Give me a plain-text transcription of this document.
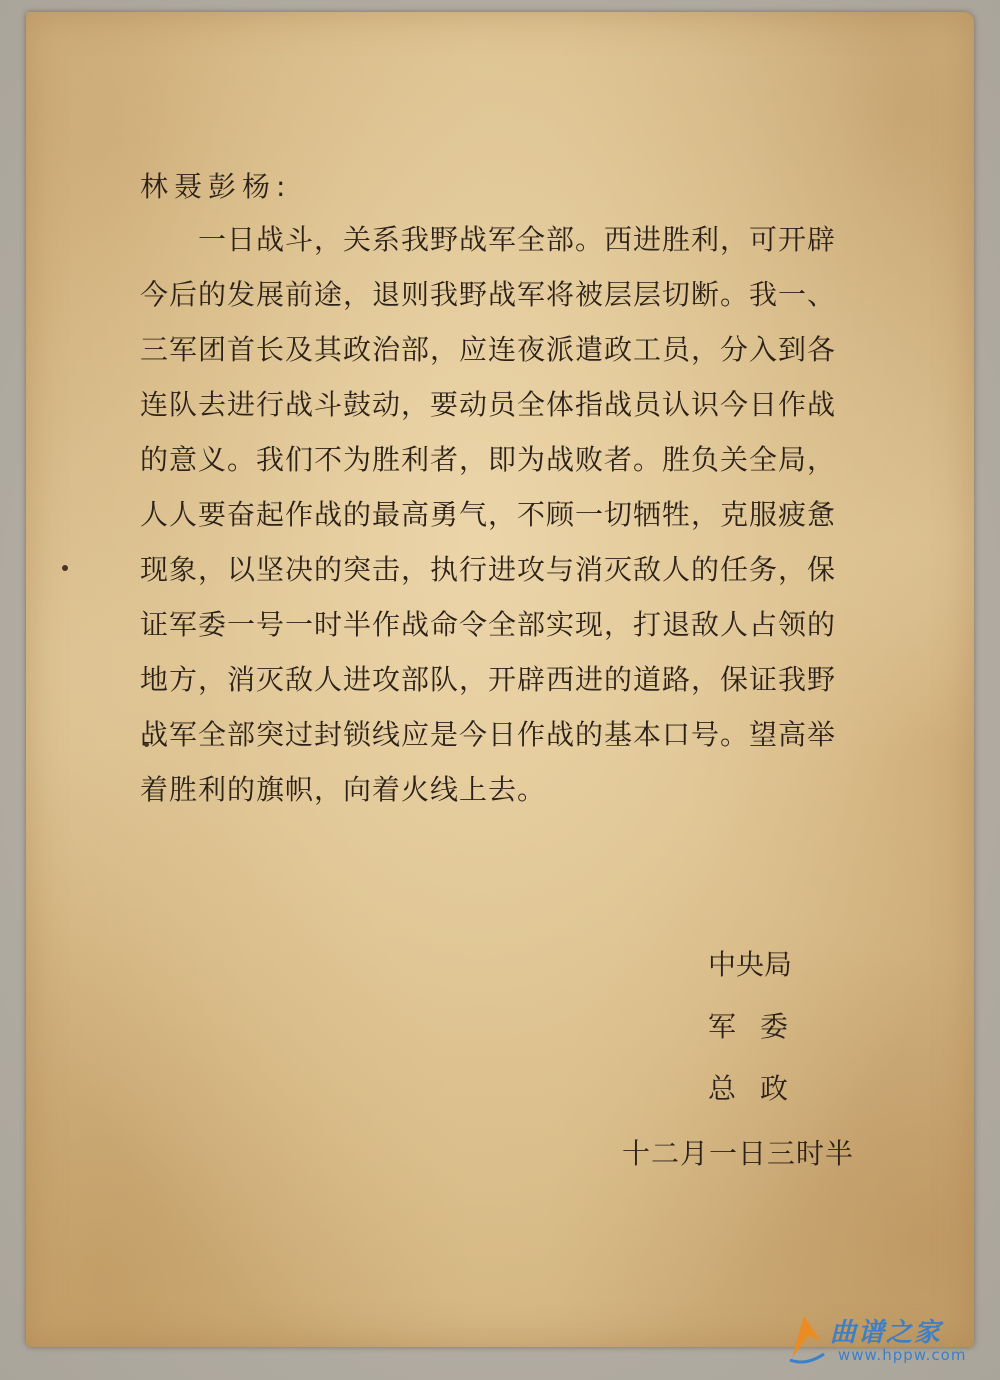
林聂彭杨:

　　一日战斗，关系我野战军全部。西进胜利，可开辟

今后的发展前途，退则我野战军将被层层切断。我一、

三军团首长及其政治部，应连夜派遣政工员，分入到各

连队去进行战斗鼓动，要动员全体指战员认识今日作战

的意义。我们不为胜利者，即为战败者。胜负关全局，

人人要奋起作战的最高勇气，不顾一切牺牲，克服疲惫

现象，以坚决的突击，执行进攻与消灭敌人的任务，保

证军委一号一时半作战命令全部实现，打退敌人占领的

地方，消灭敌人进攻部队，开辟西进的道路，保证我野

战军全部突过封锁线应是今日作战的基本口号。望高举

着胜利的旗帜，向着火线上去。

中央局
军委
总政
十二月一日三时半
曲谱之家
www.hppw.com
